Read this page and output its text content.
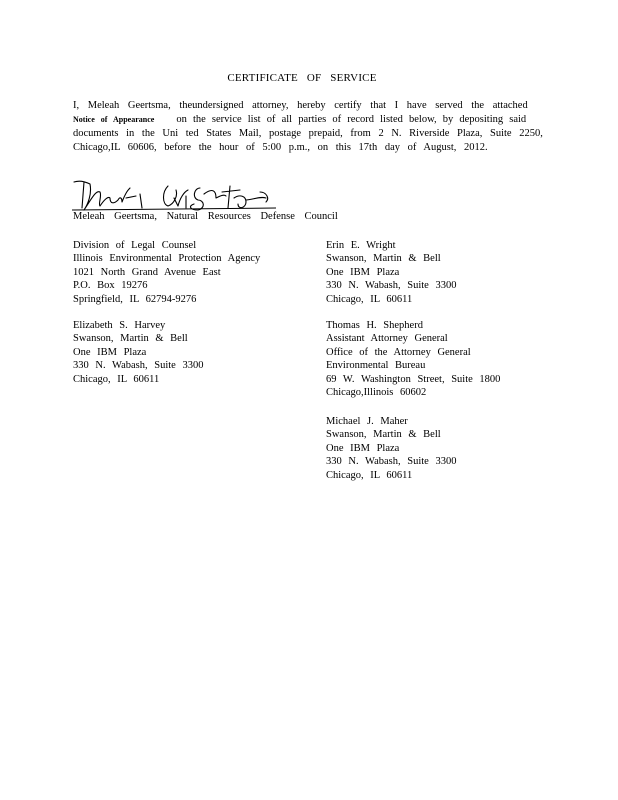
CERTIFICATE OF SERVICE
I, Meleah Geertsma, theundersigned attorney, hereby certify that I have served the attached
Notice of Appearance on the service list of all parties of record listed below, by depositing said
documents in the Uni ted States Mail, postage prepaid, from 2 N. Riverside Plaza, Suite 2250,
Chicago,IL 60606, before the hour of 5:00 p.m., on this 17th day of August, 2012.
Meleah Geertsma, Natural Resources Defense Council
Division of Legal Counsel
Illinois Environmental Protection Agency
1021 North Grand Avenue East
P.O. Box 19276
Springfield, IL 62794-9276
Elizabeth S. Harvey
Swanson, Martin & Bell
One IBM Plaza
330 N. Wabash, Suite 3300
Chicago, IL 60611
Erin E. Wright
Swanson, Martin & Bell
One IBM Plaza
330 N. Wabash, Suite 3300
Chicago, IL 60611
Thomas H. Shepherd
Assistant Attorney General
Office of the Attorney General
Environmental Bureau
69 W. Washington Street, Suite 1800
Chicago,Illinois 60602
Michael J. Maher
Swanson, Martin & Bell
One IBM Plaza
330 N. Wabash, Suite 3300
Chicago, IL 60611
